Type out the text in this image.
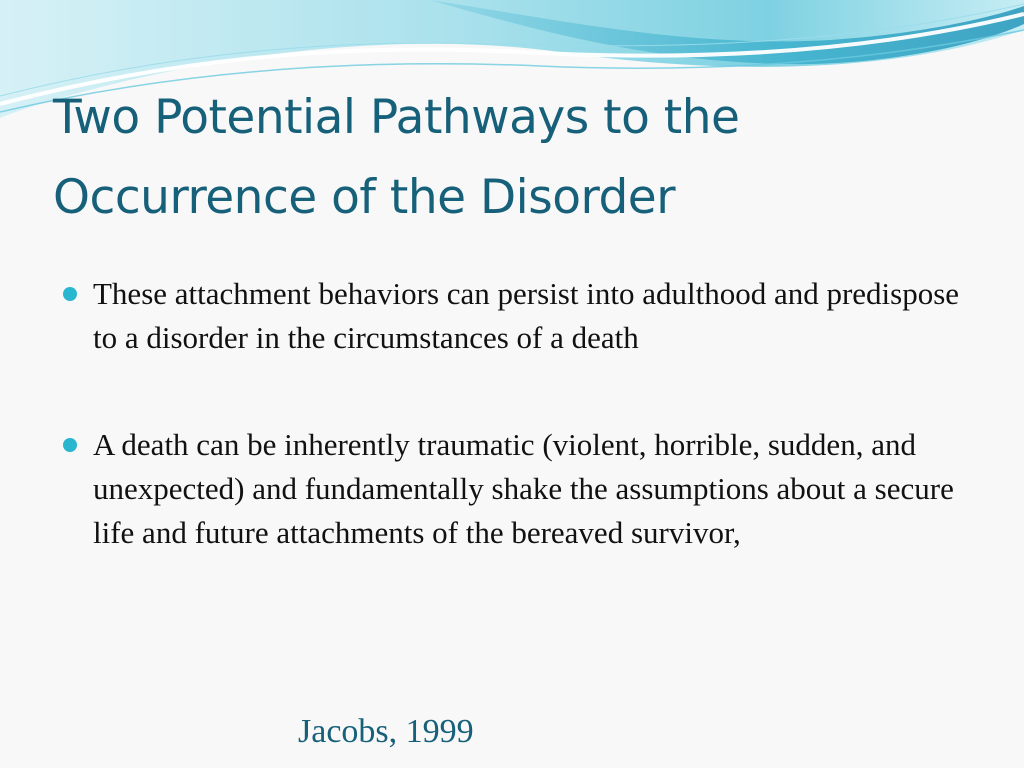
Two Potential Pathways to the Occurrence of the Disorder
These attachment behaviors can persist into adulthood and predispose to a disorder in the circumstances of a death
A death can be inherently traumatic (violent, horrible, sudden, and unexpected) and fundamentally shake the assumptions about a secure life and future attachments of the bereaved survivor,
Jacobs, 1999
